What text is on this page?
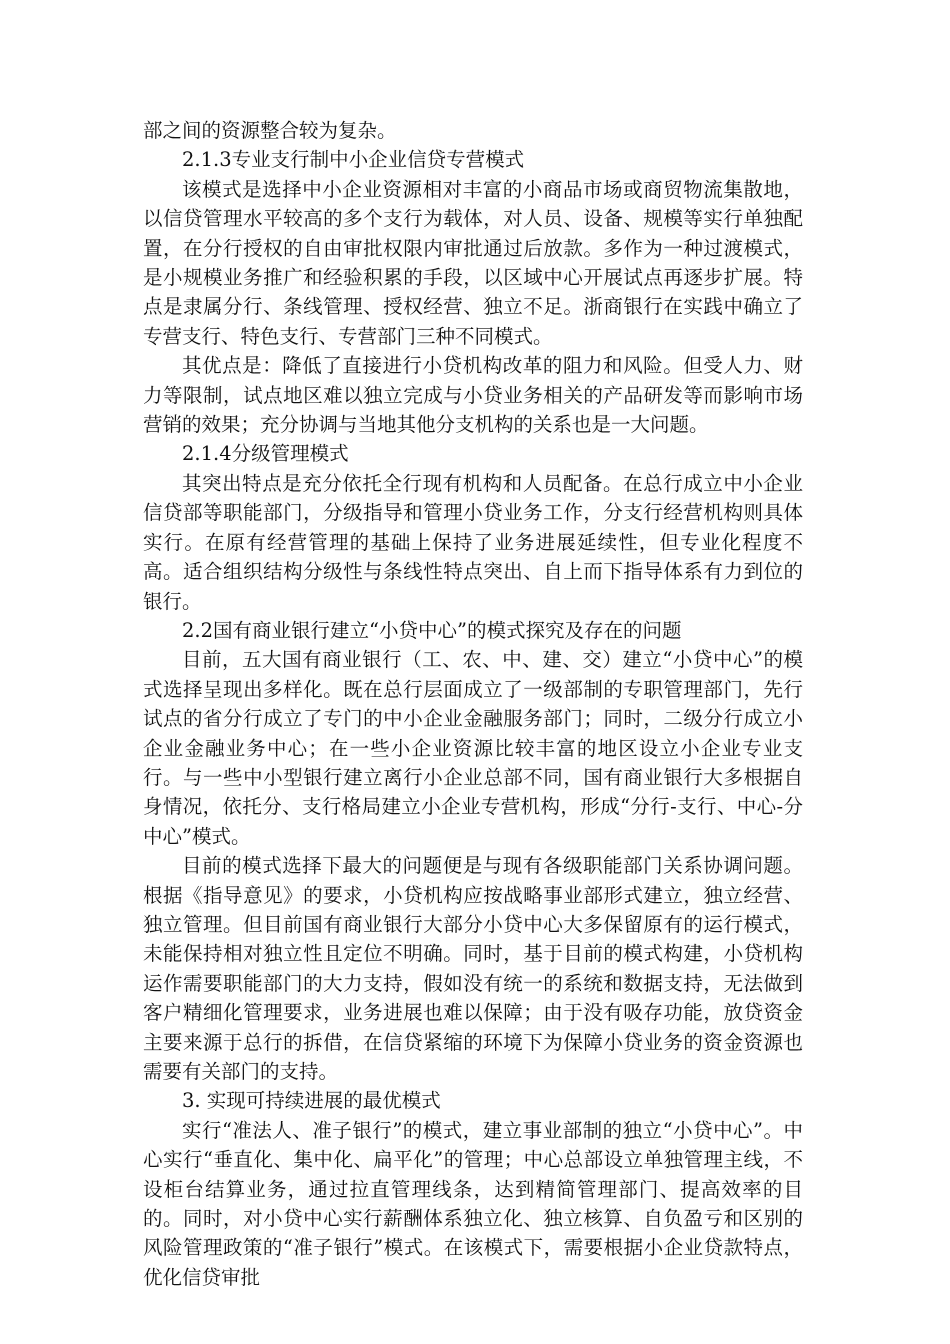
部之间的资源整合较为复杂。

2.1.3专业支行制中小企业信贷专营模式

该模式是选择中小企业资源相对丰富的小商品市场或商贸物流集散地，以信贷管理水平较高的多个支行为载体，对人员、设备、规模等实行单独配置，在分行授权的自由审批权限内审批通过后放款。多作为一种过渡模式，是小规模业务推广和经验积累的手段，以区域中心开展试点再逐步扩展。特点是隶属分行、条线管理、授权经营、独立不足。浙商银行在实践中确立了专营支行、特色支行、专营部门三种不同模式。

其优点是：降低了直接进行小贷机构改革的阻力和风险。但受人力、财力等限制，试点地区难以独立完成与小贷业务相关的产品研发等而影响市场营销的效果；充分协调与当地其他分支机构的关系也是一大问题。

2.1.4分级管理模式

其突出特点是充分依托全行现有机构和人员配备。在总行成立中小企业信贷部等职能部门，分级指导和管理小贷业务工作，分支行经营机构则具体实行。在原有经营管理的基础上保持了业务进展延续性，但专业化程度不高。适合组织结构分级性与条线性特点突出、自上而下指导体系有力到位的银行。

2.2国有商业银行建立“小贷中心”的模式探究及存在的问题

目前，五大国有商业银行（工、农、中、建、交）建立“小贷中心”的模式选择呈现出多样化。既在总行层面成立了一级部制的专职管理部门，先行试点的省分行成立了专门的中小企业金融服务部门；同时，二级分行成立小企业金融业务中心；在一些小企业资源比较丰富的地区设立小企业专业支行。与一些中小型银行建立离行小企业总部不同，国有商业银行大多根据自身情况，依托分、支行格局建立小企业专营机构，形成“分行-支行、中心-分中心”模式。

目前的模式选择下最大的问题便是与现有各级职能部门关系协调问题。根据《指导意见》的要求，小贷机构应按战略事业部形式建立，独立经营、独立管理。但目前国有商业银行大部分小贷中心大多保留原有的运行模式，未能保持相对独立性且定位不明确。同时，基于目前的模式构建，小贷机构运作需要职能部门的大力支持，假如没有统一的系统和数据支持，无法做到客户精细化管理要求，业务进展也难以保障；由于没有吸存功能，放贷资金主要来源于总行的拆借，在信贷紧缩的环境下为保障小贷业务的资金资源也需要有关部门的支持。

3. 实现可持续进展的最优模式

实行“准法人、准子银行”的模式，建立事业部制的独立“小贷中心”。中心实行“垂直化、集中化、扁平化”的管理；中心总部设立单独管理主线，不设柜台结算业务，通过拉直管理线条，达到精简管理部门、提高效率的目的。同时，对小贷中心实行薪酬体系独立化、独立核算、自负盈亏和区别的风险管理政策的“准子银行”模式。在该模式下，需要根据小企业贷款特点，优化信贷审批
